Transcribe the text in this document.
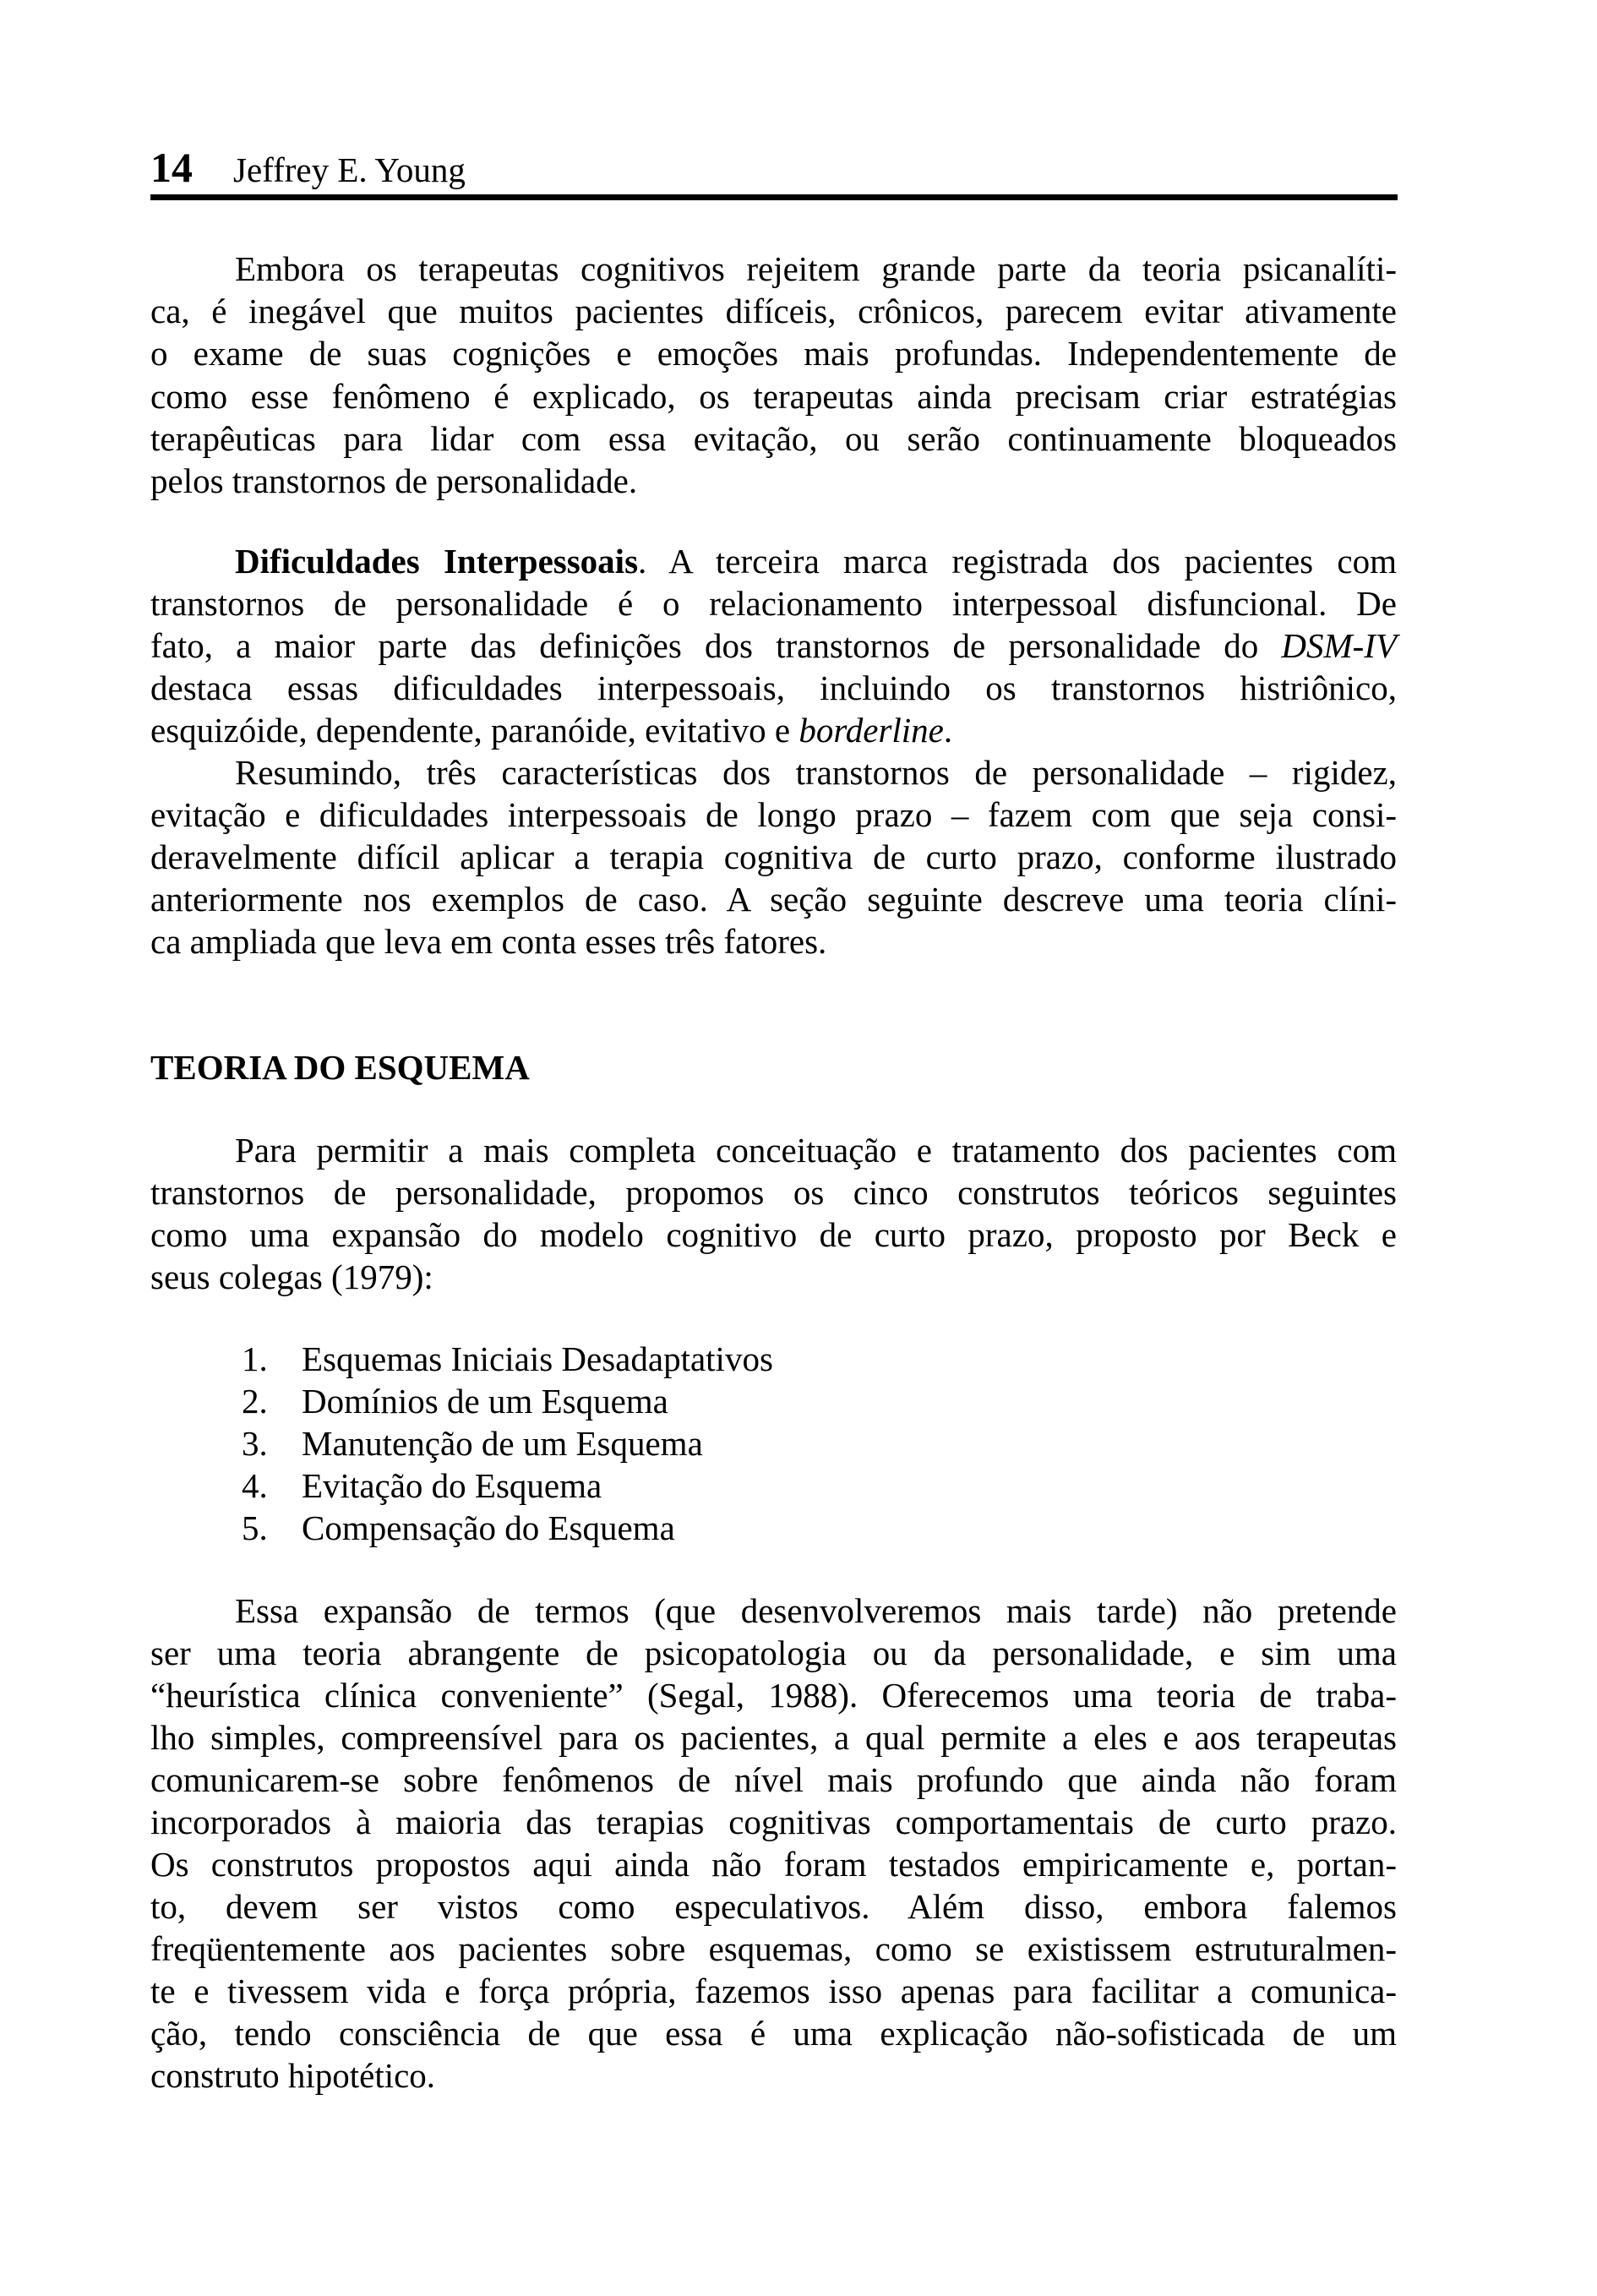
14	Jeffrey E. Young
Embora os terapeutas cognitivos rejeitem grande parte da teoria psicanalíti-
ca, é inegável que muitos pacientes difíceis, crônicos, parecem evitar ativamente
o exame de suas cognições e emoções mais profundas. Independentemente de
como esse fenômeno é explicado, os terapeutas ainda precisam criar estratégias
terapêuticas para lidar com essa evitação, ou serão continuamente bloqueados
pelos transtornos de personalidade.
Dificuldades Interpessoais. A terceira marca registrada dos pacientes com
transtornos de personalidade é o relacionamento interpessoal disfuncional. De
fato, a maior parte das definições dos transtornos de personalidade do DSM-IV
destaca essas dificuldades interpessoais, incluindo os transtornos histriônico,
esquizóide, dependente, paranóide, evitativo e borderline.
Resumindo, três características dos transtornos de personalidade – rigidez,
evitação e dificuldades interpessoais de longo prazo – fazem com que seja consi-
deravelmente difícil aplicar a terapia cognitiva de curto prazo, conforme ilustrado
anteriormente nos exemplos de caso. A seção seguinte descreve uma teoria clíni-
ca ampliada que leva em conta esses três fatores.
TEORIA DO ESQUEMA
Para permitir a mais completa conceituação e tratamento dos pacientes com
transtornos de personalidade, propomos os cinco construtos teóricos seguintes
como uma expansão do modelo cognitivo de curto prazo, proposto por Beck e
seus colegas (1979):
1. Esquemas Iniciais Desadaptativos
2. Domínios de um Esquema
3. Manutenção de um Esquema
4. Evitação do Esquema
5. Compensação do Esquema
Essa expansão de termos (que desenvolveremos mais tarde) não pretende
ser uma teoria abrangente de psicopatologia ou da personalidade, e sim uma
“heurística clínica conveniente” (Segal, 1988). Oferecemos uma teoria de traba-
lho simples, compreensível para os pacientes, a qual permite a eles e aos terapeutas
comunicarem-se sobre fenômenos de nível mais profundo que ainda não foram
incorporados à maioria das terapias cognitivas comportamentais de curto prazo.
Os construtos propostos aqui ainda não foram testados empiricamente e, portan-
to, devem ser vistos como especulativos. Além disso, embora falemos
freqüentemente aos pacientes sobre esquemas, como se existissem estruturalmen-
te e tivessem vida e força própria, fazemos isso apenas para facilitar a comunica-
ção, tendo consciência de que essa é uma explicação não-sofisticada de um
construto hipotético.
